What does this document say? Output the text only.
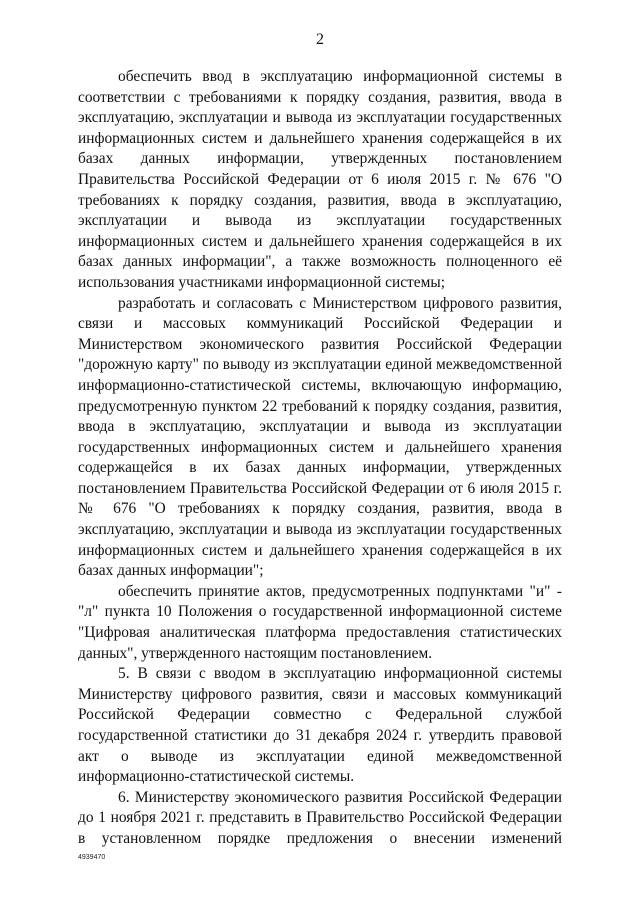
2

обеспечить ввод в эксплуатацию информационной системы в соответствии с требованиями к порядку создания, развития, ввода в эксплуатацию, эксплуатации и вывода из эксплуатации государственных информационных систем и дальнейшего хранения содержащейся в их базах данных информации, утвержденных постановлением Правительства Российской Федерации от 6 июля 2015 г. № 676 "О требованиях к порядку создания, развития, ввода в эксплуатацию, эксплуатации и вывода из эксплуатации государственных информационных систем и дальнейшего хранения содержащейся в их базах данных информации", а также возможность полноценного её использования участниками информационной системы;

разработать и согласовать с Министерством цифрового развития, связи и массовых коммуникаций Российской Федерации и Министерством экономического развития Российской Федерации "дорожную карту" по выводу из эксплуатации единой межведомственной информационно-статистической системы, включающую информацию, предусмотренную пунктом 22 требований к порядку создания, развития, ввода в эксплуатацию, эксплуатации и вывода из эксплуатации государственных информационных систем и дальнейшего хранения содержащейся в их базах данных информации, утвержденных постановлением Правительства Российской Федерации от 6 июля 2015 г. № 676 "О требованиях к порядку создания, развития, ввода в эксплуатацию, эксплуатации и вывода из эксплуатации государственных информационных систем и дальнейшего хранения содержащейся в их базах данных информации";

обеспечить принятие актов, предусмотренных подпунктами "и" - "л" пункта 10 Положения о государственной информационной системе "Цифровая аналитическая платформа предоставления статистических данных", утвержденного настоящим постановлением.

5. В связи с вводом в эксплуатацию информационной системы Министерству цифрового развития, связи и массовых коммуникаций Российской Федерации совместно с Федеральной службой государственной статистики до 31 декабря 2024 г. утвердить правовой акт о выводе из эксплуатации единой межведомственной информационно-статистической системы.

6. Министерству экономического развития Российской Федерации до 1 ноября 2021 г. представить в Правительство Российской Федерации в установленном порядке предложения о внесении изменений

4939470
